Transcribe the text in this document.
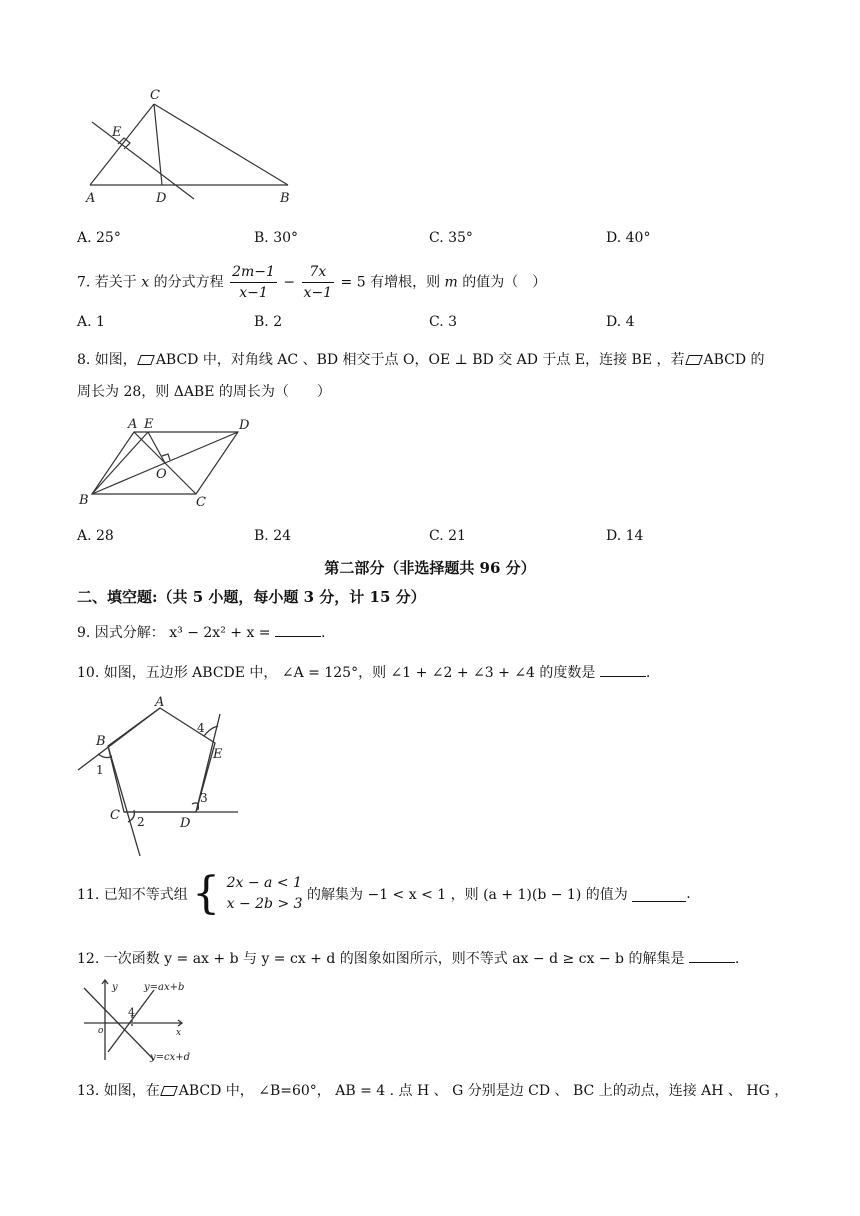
C
E
A	D	B
A. 25°	B. 30°	C. 35°	D. 40°
7. 若关于 x 的分式方程 $\frac{2m-1}{x-1} - \frac{7x}{x-1} = 5$ 有增根，则 m 的值为（　）
A. 1	B. 2	C. 3	D. 4
8. 如图， ABCD 中，对角线 AC 、BD 相交于点 O，OE ⊥ BD 交 AD 于点 E，连接 BE ，若 ABCD 的
周长为 28，则 ΔABE 的周长为（　　）
A E	D
O
B	C
A. 28	B. 24	C. 21	D. 14
第二部分（非选择题共 96 分）
二、填空题:（共 5 小题，每小题 3 分，计 15 分）
9. 因式分解： x³ − 2x² + x =	.
10. 如图，五边形 ABCDE 中， ∠A = 125°，则 ∠1 + ∠2 + ∠3 + ∠4 的度数是	.
A
B
C
D
E
1
2
3
4
11. 已知不等式组 { 2x − a < 1
x − 2b > 3
的解集为 −1 < x < 1 ，则 (a + 1)(b − 1) 的值为	.
12. 一次函数 y = ax + b 与 y = cx + d 的图象如图所示，则不等式 ax − d ≥ cx − b 的解集是	.
y
x
o
4
y=ax+b
y=cx+d
13. 如图，在 ABCD 中， ∠B=60°， AB = 4 . 点 H 、 G 分别是边 CD 、 BC 上的动点，连接 AH 、 HG ，
